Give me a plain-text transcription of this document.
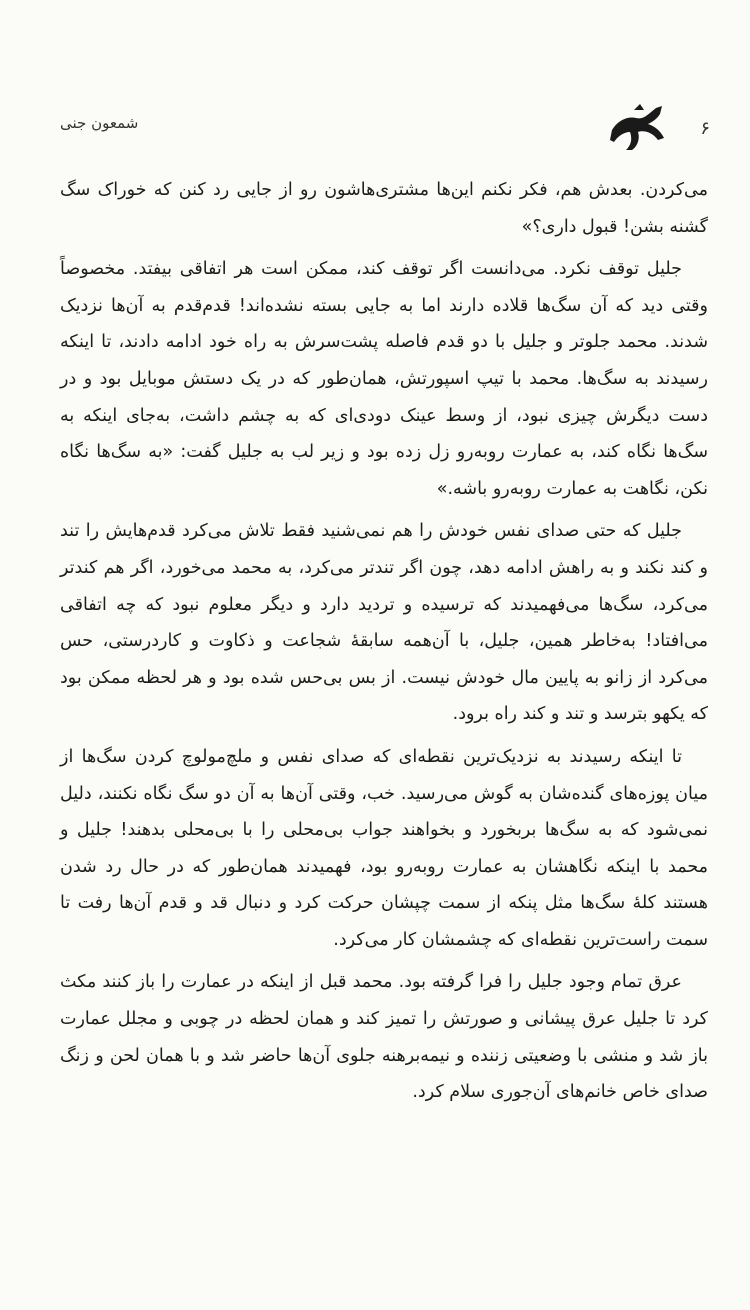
۶
شمعون جنی

می‌کردن. بعدش هم، فکر نکنم این‌ها مشتری‌هاشون رو از جایی رد کنن که خوراک سگ گشنه بشن! قبول داری؟»

جلیل توقف نکرد. می‌دانست اگر توقف کند، ممکن است هر اتفاقی بیفتد. مخصوصاً وقتی دید که آن سگ‌ها قلاده دارند اما به جایی بسته نشده‌اند! قدم‌قدم به آن‌ها نزدیک شدند. محمد جلوتر و جلیل با دو قدم فاصله پشت‌سرش به راه خود ادامه دادند، تا اینکه رسیدند به سگ‌ها. محمد با تیپ اسپورتش، همان‌طور که در یک دستش موبایل بود و در دست دیگرش چیزی نبود، از وسط عینک دودی‌ای که به چشم داشت، به‌جای اینکه به سگ‌ها نگاه کند، به عمارت روبه‌رو زل زده بود و زیر لب به جلیل گفت: «به سگ‌ها نگاه نکن، نگاهت به عمارت روبه‌رو باشه.»

جلیل که حتی صدای نفس خودش را هم نمی‌شنید فقط تلاش می‌کرد قدم‌هایش را تند و کند نکند و به راهش ادامه دهد، چون اگر تندتر می‌کرد، به محمد می‌خورد، اگر هم کندتر می‌کرد، سگ‌ها می‌فهمیدند که ترسیده و تردید دارد و دیگر معلوم نبود که چه اتفاقی می‌افتاد! به‌خاطر همین، جلیل، با آن‌همه سابقهٔ شجاعت و ذکاوت و کاردرستی، حس می‌کرد از زانو به پایین مال خودش نیست. از بس بی‌حس شده بود و هر لحظه ممکن بود که یکهو بترسد و تند و کند راه برود.

تا اینکه رسیدند به نزدیک‌ترین نقطه‌ای که صدای نفس و ملچ‌مولوچ کردن سگ‌ها از میان پوزه‌های گنده‌شان به گوش می‌رسید. خب، وقتی آن‌ها به آن دو سگ نگاه نکنند، دلیل نمی‌شود که به سگ‌ها بربخورد و بخواهند جواب بی‌محلی را با بی‌محلی بدهند! جلیل و محمد با اینکه نگاهشان به عمارت روبه‌رو بود، فهمیدند همان‌طور که در حال رد شدن هستند کلهٔ سگ‌ها مثل پنکه از سمت چپشان حرکت کرد و دنبال قد و قدم آن‌ها رفت تا سمت راست‌ترین نقطه‌ای که چشمشان کار می‌کرد.

عرق تمام وجود جلیل را فرا گرفته بود. محمد قبل از اینکه در عمارت را باز کنند مکث کرد تا جلیل عرق پیشانی و صورتش را تمیز کند و همان لحظه در چوبی و مجلل عمارت باز شد و منشی با وضعیتی زننده و نیمه‌برهنه جلوی آن‌ها حاضر شد و با همان لحن و زنگ صدای خاص خانم‌های آن‌جوری سلام کرد.
